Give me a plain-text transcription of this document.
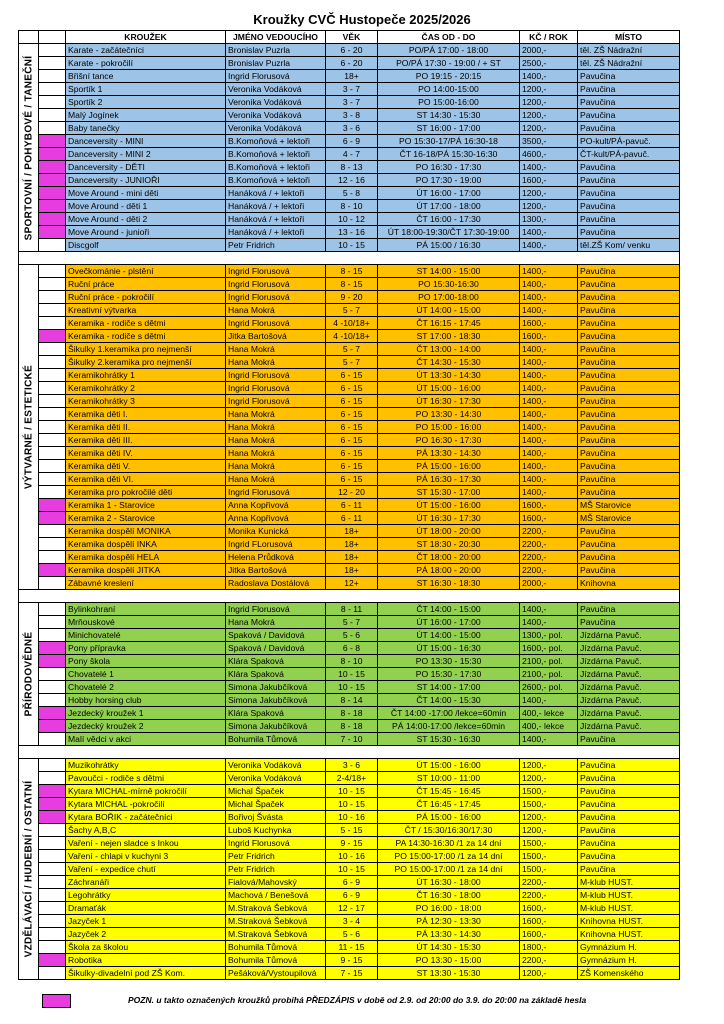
Kroužky CVČ Hustopeče 2025/2026
		KROUŽEK	JMÉNO VEDOUCÍHO	VĚK	ČAS OD - DO	KČ / ROK	MÍSTO

SPORTOVNÍ / POHYBOVÉ / TANEČNÍ		Karate - začátečníci	Bronislav Puzrla	6 - 20	PO/PÁ 17:00 - 18:00	2000,-	těl. ZŠ Nádražní
		Karate - pokročilí	Bronislav Puzrla	6 - 20	PO/PÁ 17:30 - 19:00 / + ST	2500,-	těl. ZŠ Nádražní
		Břišní tance	Ingrid Florusová	18+	PO 19:15 - 20:15	1400,-	Pavučina
		Sportík 1	Veronika Vodáková	3 - 7	PO 14:00-15:00	1200,-	Pavučina
		Sportík 2	Veronika Vodáková	3 - 7	PO 15:00-16:00	1200,-	Pavučina
		Malý Jogínek	Veronika Vodáková	3 - 8	ST 14:30 - 15:30	1200,-	Pavučina
		Baby tanečky	Veronika Vodáková	3 - 6	ST 16:00 - 17:00	1200,-	Pavučina
		Danceversity - MINI	B.Komoňová + lektoři	6 - 9	PO 15:30-17/PÁ 16:30-18	3500,-	PO-kult/PÁ-pavuč.
		Danceversity - MINI 2	B.Komoňová + lektoři	4 - 7	ČT 16-18/PÁ 15:30-16:30	4600,-	ČT-kult/PÁ-pavuč.
		Danceversity - DĚTI	B.Komoňová + lektoři	8 - 13	PO 16:30 - 17:30	1400,-	Pavučina
		Danceversity - JUNIOŘI	B.Komoňová + lektoři	12 - 16	PO 17:30 - 19:00	1600,-	Pavučina
		Move Around - mini děti	Hanáková / + lektoři	5 - 8	ÚT 16:00 - 17:00	1200,-	Pavučina
		Move Around - děti 1	Hanáková / + lektoři	8 - 10	ÚT 17:00 - 18:00	1200,-	Pavučina
		Move Around - děti 2	Hanáková / + lektoři	10 - 12	ČT 16:00 - 17:30	1300,-	Pavučina
		Move Around - junioři	Hanáková / + lektoři	13 - 16	ÚT 18:00-19:30/ČT 17:30-19:00	1400,-	Pavučina
		Discgolf	Petr Fridrich	10 - 15	PÁ 15:00 / 16:30	1400,-	těl.ZŠ Kom/ venku

VÝTVARNÉ / ESTETICKÉ		Ovečkománie - plstění	Ingrid Florusová	8 - 15	ST 14:00 - 15:00	1400,-	Pavučina
		Ruční práce	Ingrid Florusová	8 - 15	PO 15:30-16:30	1400,-	Pavučina
		Ruční práce - pokročilí	Ingrid Florusová	9 - 20	PO 17:00-18:00	1400,-	Pavučina
		Kreativní výtvarka	Hana Mokrá	5 - 7	ÚT 14:00 - 15:00	1400,-	Pavučina
		Keramika - rodiče s dětmi	Ingrid Florusová	4 -10/18+	ČT 16:15 - 17:45	1600,-	Pavučina
		Keramika - rodiče s dětmi	Jitka Bartošová	4 -10/18+	ST 17:00 - 18:30	1600,-	Pavučina
		Šikulky 1.keramika pro nejmenší	Hana Mokrá	5 - 7	ČT 13:00 - 14:00	1400,-	Pavučina
		Šikulky 2.keramika pro nejmenší	Hana Mokrá	5 - 7	ČT 14:30 - 15:30	1400,-	Pavučina
		Keramikohrátky 1	Ingrid Florusová	6 - 15	ÚT 13:30 - 14:30	1400,-	Pavučina
		Keramikohrátky 2	Ingrid Florusová	6 - 15	ÚT 15:00 - 16:00	1400,-	Pavučina
		Keramikohrátky 3	Ingrid Florusová	6 - 15	ÚT 16:30 - 17:30	1400,-	Pavučina
		Keramika děti I.	Hana Mokrá	6 - 15	PO 13:30 - 14:30	1400,-	Pavučina
		Keramika děti II.	Hana Mokrá	6 - 15	PO 15:00 - 16:00	1400,-	Pavučina
		Keramika děti III.	Hana Mokrá	6 - 15	PO 16:30 - 17:30	1400,-	Pavučina
		Keramika děti IV.	Hana Mokrá	6 - 15	PÁ 13:30 - 14:30	1400,-	Pavučina
		Keramika děti V.	Hana Mokrá	6 - 15	PÁ 15:00 - 16:00	1400,-	Pavučina
		Keramika děti VI.	Hana Mokrá	6 - 15	PÁ 16:30 - 17:30	1400,-	Pavučina
		Keramika pro pokročilé děti	Ingrid Florusová	12 - 20	ST 15:30 - 17:00	1400,-	Pavučina
		Keramika 1 - Starovice	Anna Kopřivová	6 - 11	ÚT 15:00 - 16:00	1600,-	MŠ Starovice
		Keramika 2 - Starovice	Anna Kopřivová	6 - 11	ÚT 16:30 - 17:30	1600,-	MŠ Starovice
		Keramika dospělí MONIKA	Monika Kunická	18+	ÚT 18:00 - 20:00	2200,-	Pavučina
		Keramika dospělí INKA	Ingrid FLorusová	18+	ST 18:30 - 20:30	2200,-	Pavučina
		Keramika dospělí HELA	Helena Průdková	18+	ČT 18:00 - 20:00	2200,-	Pavučina
		Keramika dospělí JITKA	Jitka Bartošová	18+	PÁ 18:00 - 20:00	2200,-	Pavučina
		Zábavné kreslení	Radoslava Dostálová	12+	ST 16:30 - 18:30	2000,-	Knihovna

PŘÍRODOVĚDNÉ		Bylinkohraní	Ingrid Florusová	8 - 11	ČT 14:00 - 15:00	1400,-	Pavučina
		Mrňouskové	Hana Mokrá	5 - 7	ÚT 16:00 - 17:00	1400,-	Pavučina
		Minichovatelé	Spaková / Davidová	5 - 6	ÚT 14:00 - 15:00	1300,- pol.	Jízdárna Pavuč.
		Pony přípravka	Spaková / Davidová	6 - 8	ÚT 15:00 - 16:30	1600,- pol.	Jízdárna Pavuč.
		Pony škola	Klára Spaková	8 - 10	PO 13:30 - 15:30	2100,- pol.	Jízdárna Pavuč.
		Chovatelé 1	Klára Spaková	10 - 15	PO 15:30 - 17:30	2100,- pol.	Jízdárna Pavuč.
		Chovatelé 2	Simona Jakubčíková	10 - 15	ST 14:00 - 17:00	2600,- pol.	Jízdárna Pavuč.
		Hobby horsing club	Simona Jakubčíková	8 - 14	ČT 14:00 - 15:30	1400,-	Jízdárna Pavuč.
		Jezdecký kroužek 1	Klára Spaková	8 - 18	ČT 14:00 -17:00 /lekce=60min	400,- lekce	Jízdárna Pavuč.
		Jezdecký kroužek 2	Simona Jakubčíková	8 - 18	PÁ 14:00-17:00 /lekce=60min	400,- lekce	Jízdárna Pavuč.
		Malí vědci v akci	Bohumila Tůmová	7 - 10	ST 15:30 - 16:30	1400,-	Pavučina

VZDĚLÁVACÍ / HUDEBNÍ / OSTATNÍ		Muzikohrátky	Veronika Vodáková	3 - 6	ÚT 15:00 - 16:00	1200,-	Pavučina
		Pavoučci - rodiče s dětmi	Veronika Vodáková	2-4/18+	ST 10:00 - 11:00	1200,-	Pavučina
		Kytara MICHAL-mírně pokročilí	Michal Špaček	10 - 15	ČT 15:45 - 16:45	1500,-	Pavučina
		Kytara MICHAL -pokročilí	Michal Špaček	10 - 15	ČT 16:45 - 17:45	1500,-	Pavučina
		Kytara BOŘIK - začátečníci	Bořivoj Švásta	10 - 16	PÁ 15:00 - 16:00	1200,-	Pavučina
		Šachy A,B,C	Luboš Kuchynka	5 - 15	ČT / 15:30/16:30/17:30	1200,-	Pavučina
		Vaření - nejen sladce s Inkou	Ingrid Florusová	9 - 15	PA 14:30-16:30 /1 za 14 dní	1500,-	Pavučina
		Vaření - chlapi v kuchyni 3	Petr Fridrich	10 - 16	PO 15:00-17:00 /1 za 14 dní	1500,-	Pavučina
		Vaření - expedice chutí	Petr Fridrich	10 - 15	PO 15:00-17:00 /1 za 14 dní	1500,-	Pavučina
		Záchranáři	Fialová/Mahovský	6 - 9	ÚT 16:30 - 18:00	2200,-	M-klub HUST.
		Legohrátky	Machová / Benešová	6 - 9	ČT 16:30 - 18:00	2200,-	M-klub HUST.
		Dramaťák	M.Straková Šebková	12 - 17	PO 16:00 - 18:00	1600,-	M-klub HUST.
		Jazyček 1	M.Straková Šebková	3 - 4	PÁ 12:30 - 13:30	1600,-	Knihovna HUST.
		Jazyček 2	M.Straková Šebková	5 - 6	PÁ 13:30 - 14:30	1600,-	Knihovna HUST.
		Škola za školou	Bohumila Tůmová	11 - 15	ÚT 14:30 - 15:30	1800,-	Gymnázium H.
		Robotika	Bohumila Tůmová	9 - 15	PO 13:30 - 15:00	2200,-	Gymnázium H.
		Šikulky-divadelní pod ZŠ Kom.	Pešáková/Vystoupilová	7 - 15	ST 13:30 - 15:30	1200,-	ZŠ Komenského
POZN. u takto označených kroužků probíhá PŘEDZÁPIS v době od 2.9. od 20:00 do 3.9. do 20:00 na základě hesla
